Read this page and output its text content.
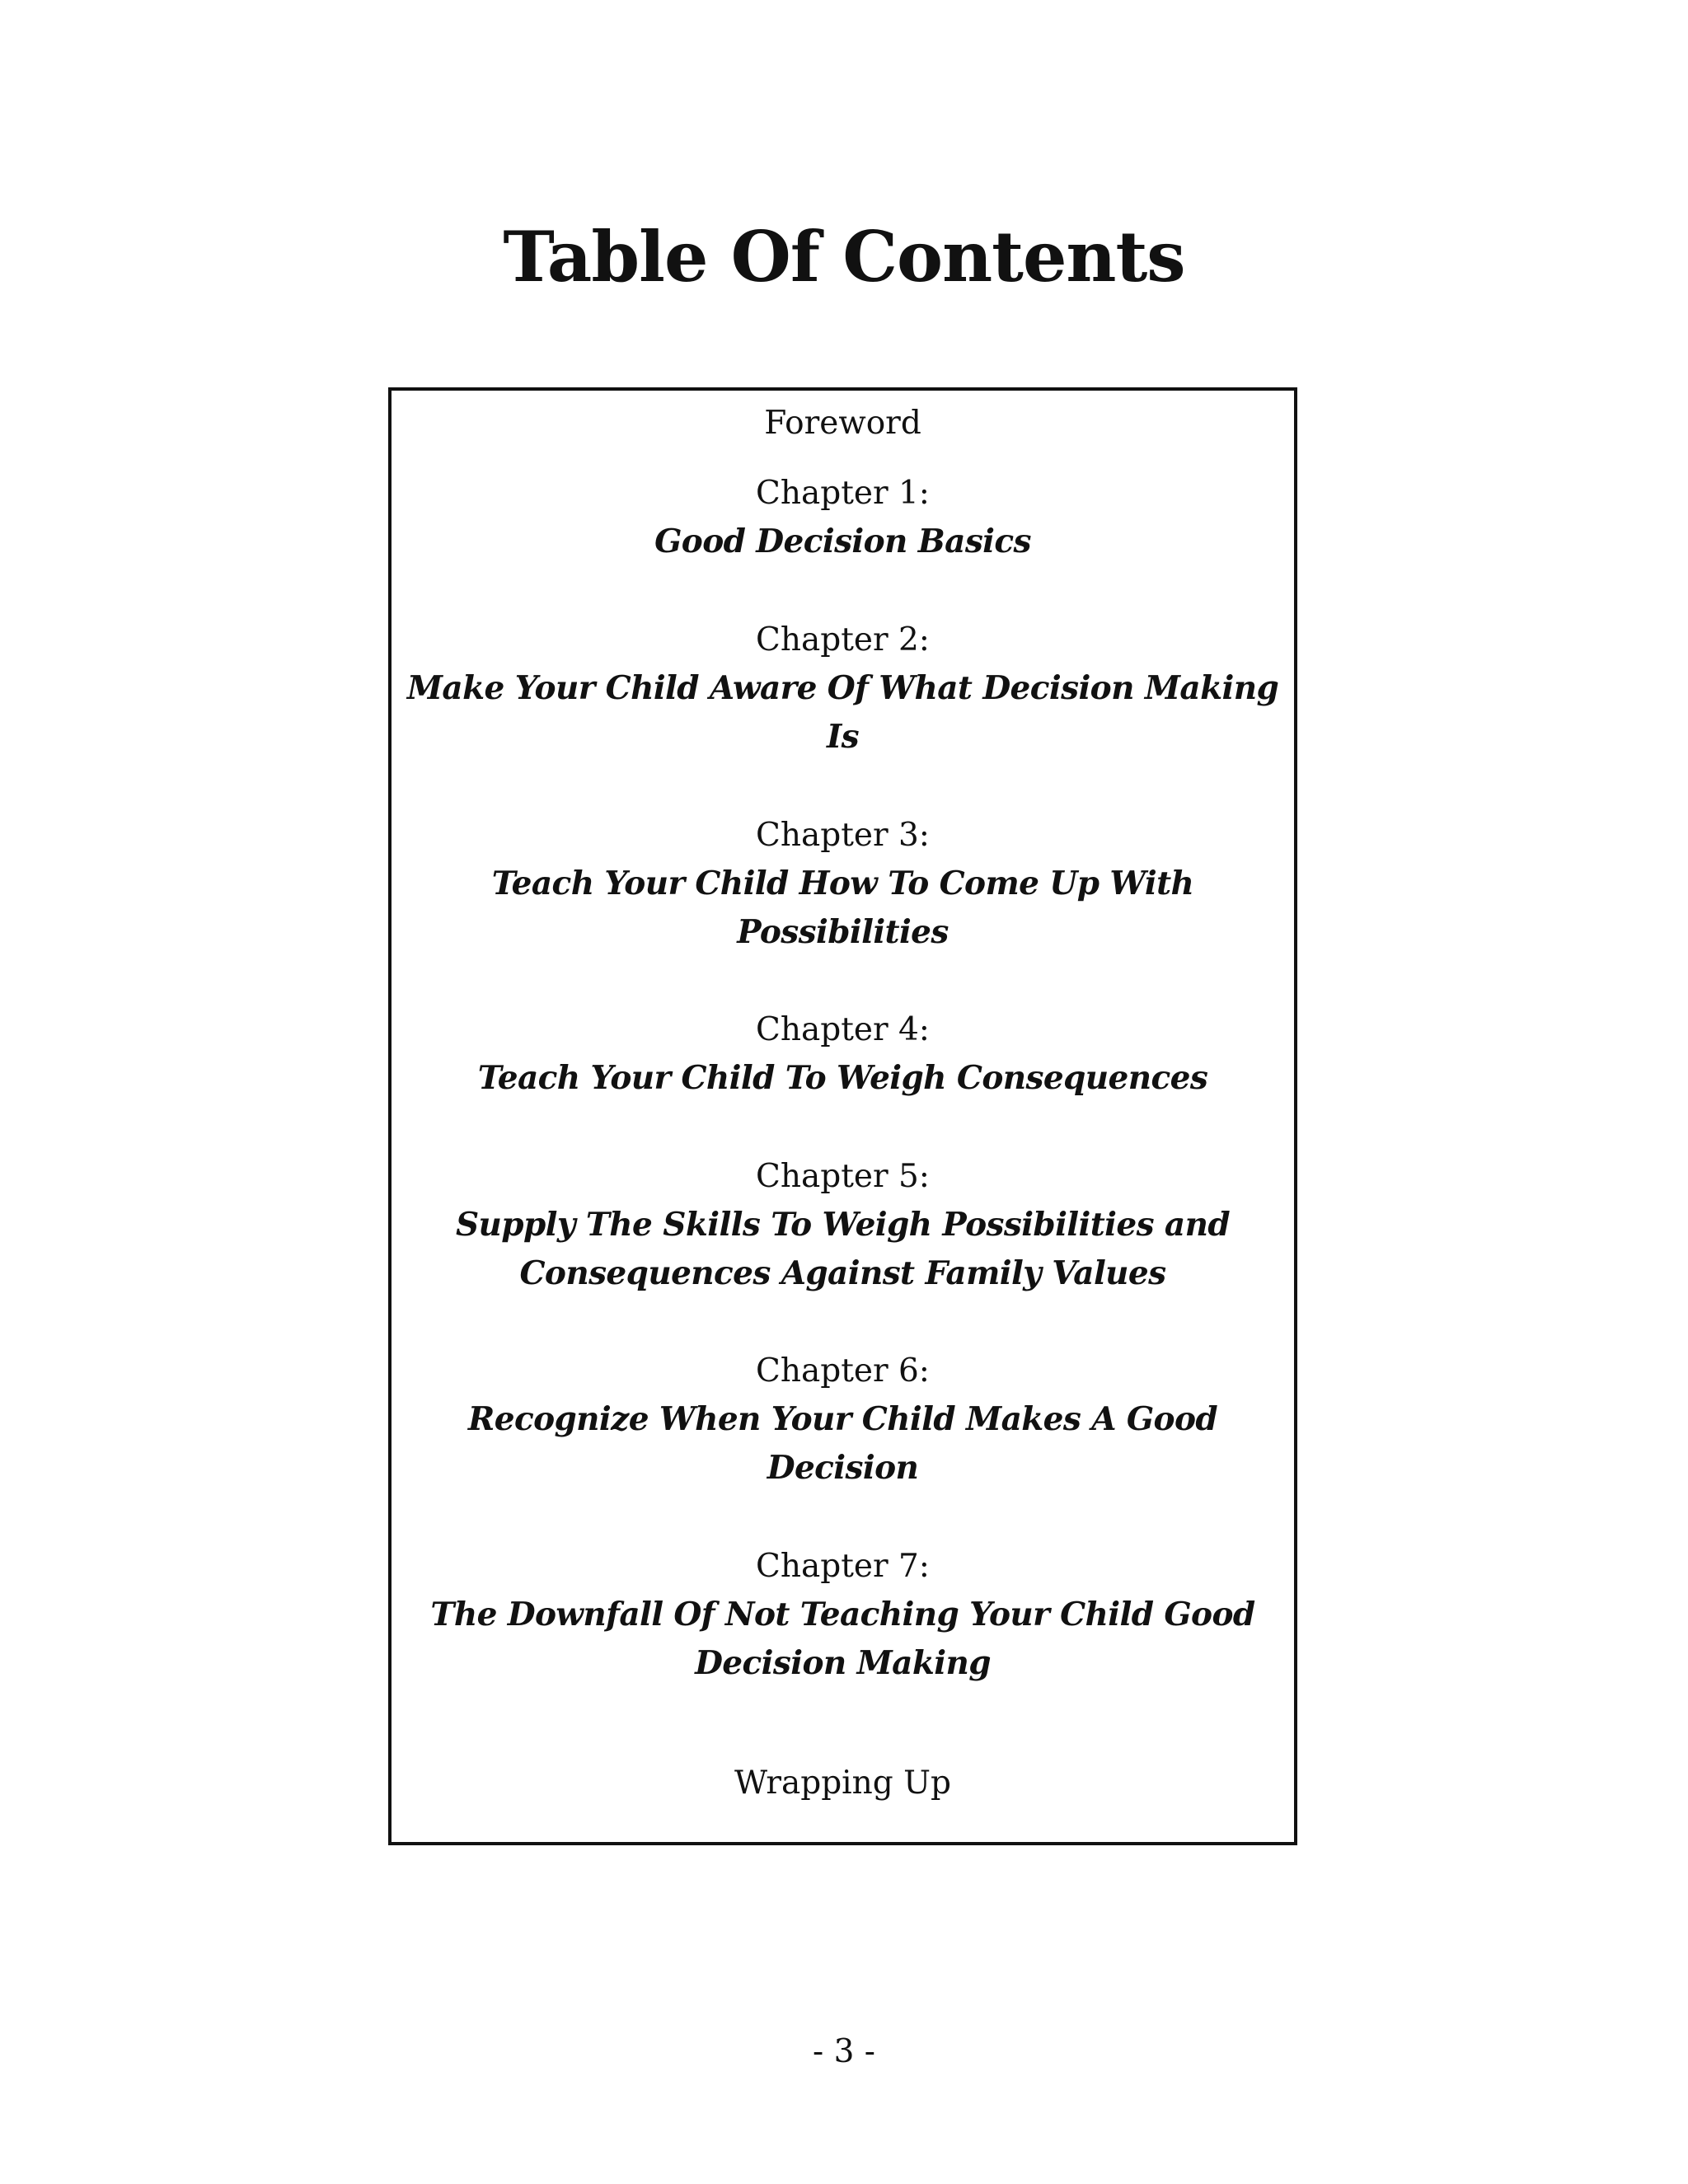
Table Of Contents
Foreword
Chapter 1:
Good Decision Basics
Chapter 2:
Make Your Child Aware Of What Decision Making
Is
Chapter 3:
Teach Your Child How To Come Up With
Possibilities
Chapter 4:
Teach Your Child To Weigh Consequences
Chapter 5:
Supply The Skills To Weigh Possibilities and
Consequences Against Family Values
Chapter 6:
Recognize When Your Child Makes A Good
Decision
Chapter 7:
The Downfall Of Not Teaching Your Child Good
Decision Making
Wrapping Up
- 3 -
